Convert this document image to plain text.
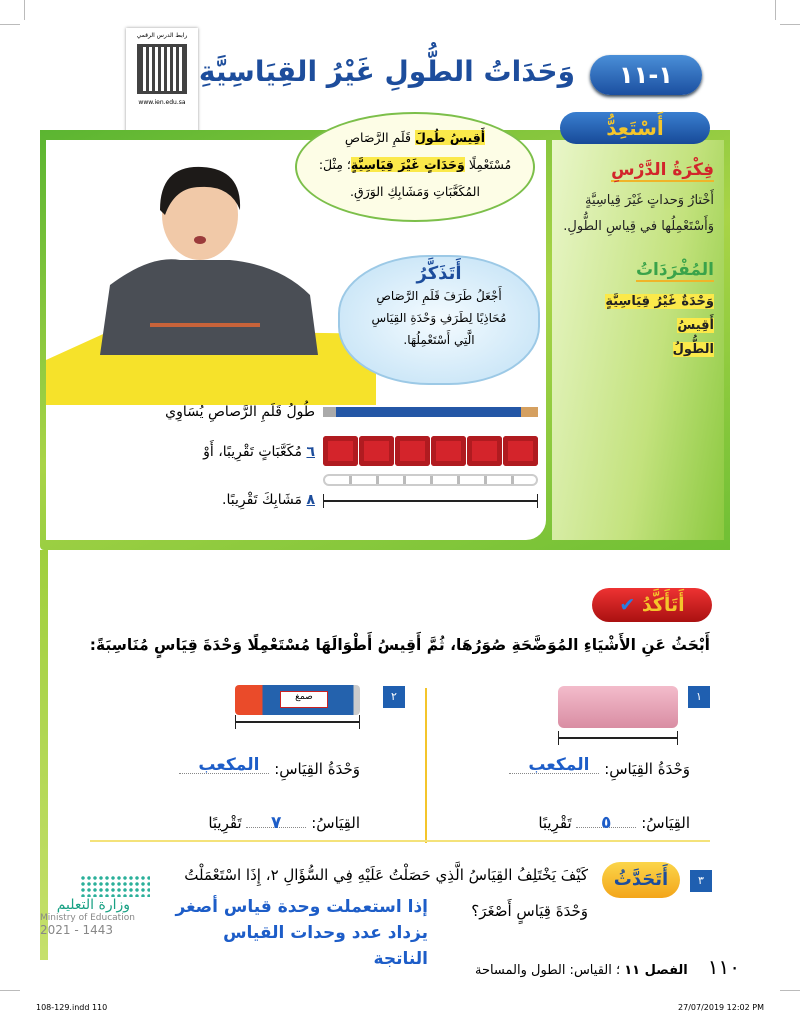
رابط الدرس الرقمي
www.ien.edu.sa
١-١١
وَحَدَاتُ الطُّولِ غَيْرُ القِيَاسِيَّةِ
فِكْرَةُ الدَّرْسِ

أَخْتارُ وَحداتٍ غَيْرَ قِياسِيَّةٍ وَأَسْتَعْمِلُها في قِياسِ الطُّولِ.

المُفْرَدَاتُ
وَحْدَةٌ غَيْرُ قِيَاسِيَّةٍ
أَقِيسُ
الطُّولُ
أَسْتَعِدُّ
أَقِيسُ طُولَ قَلَمِ الرَّصَاصِ
مُسْتَعْمِلًا وَحَدَاتٍ غَيْرَ قِيَاسِيَّةٍ؛ مِثْلَ:
المُكَعَّبَاتِ وَمَشَابِكِ الوَرَقِ.
أَتَذَكَّرُ
أَجْعَلُ طَرَفَ قَلَمِ الرَّصَاصِ
مُحَاذِيًا لِطَرَفِ وَحْدَةِ القِيَاسِ
الَّتِي أَسْتَعْمِلُهَا.
طُولُ قَلَمِ الرَّصاصِ يُسَاوِي
٦ مُكَعَّبَاتٍ تَقْرِيبًا، أَوْ
٨ مَشَابِكَ تَقْرِيبًا.
أَتَأَكَّدُ ✔
أَبْحَثُ عَنِ الأَشْيَاءِ المُوَضَّحَةِ صُوَرُهَا، ثُمَّ أَقِيسُ أَطْوَالَهَا مُسْتَعْمِلًا وَحْدَةَ قِيَاسٍ مُنَاسِبَةً:
١
وَحْدَةُ القِيَاسِ:
المكعب
القِيَاسُ:
٥
تَقْرِيبًا
٢
صمغ
وَحْدَةُ القِيَاسِ:
المكعب
القِيَاسُ:
٧
تَقْرِيبًا
٣
أَتَحَدَّثُ
كَيْفَ يَخْتَلِفُ القِيَاسُ الَّذِي حَصَلْتُ عَلَيْهِ فِي السُّؤَالِ ٢، إِذَا اسْتَعْمَلْتُ
وَحْدَةَ قِيَاسٍ أَصْغَرَ؟
إذا استعملت وحدة قياس أصغر
يزداد عدد وحدات القياس الناتجة
وزارة التعليم
Ministry of Education
2021 - 1443
١١٠الفصل ١١ ؛ القياس: الطول والمساحة
108-129.indd 110	27/07/2019 12:02 PM
